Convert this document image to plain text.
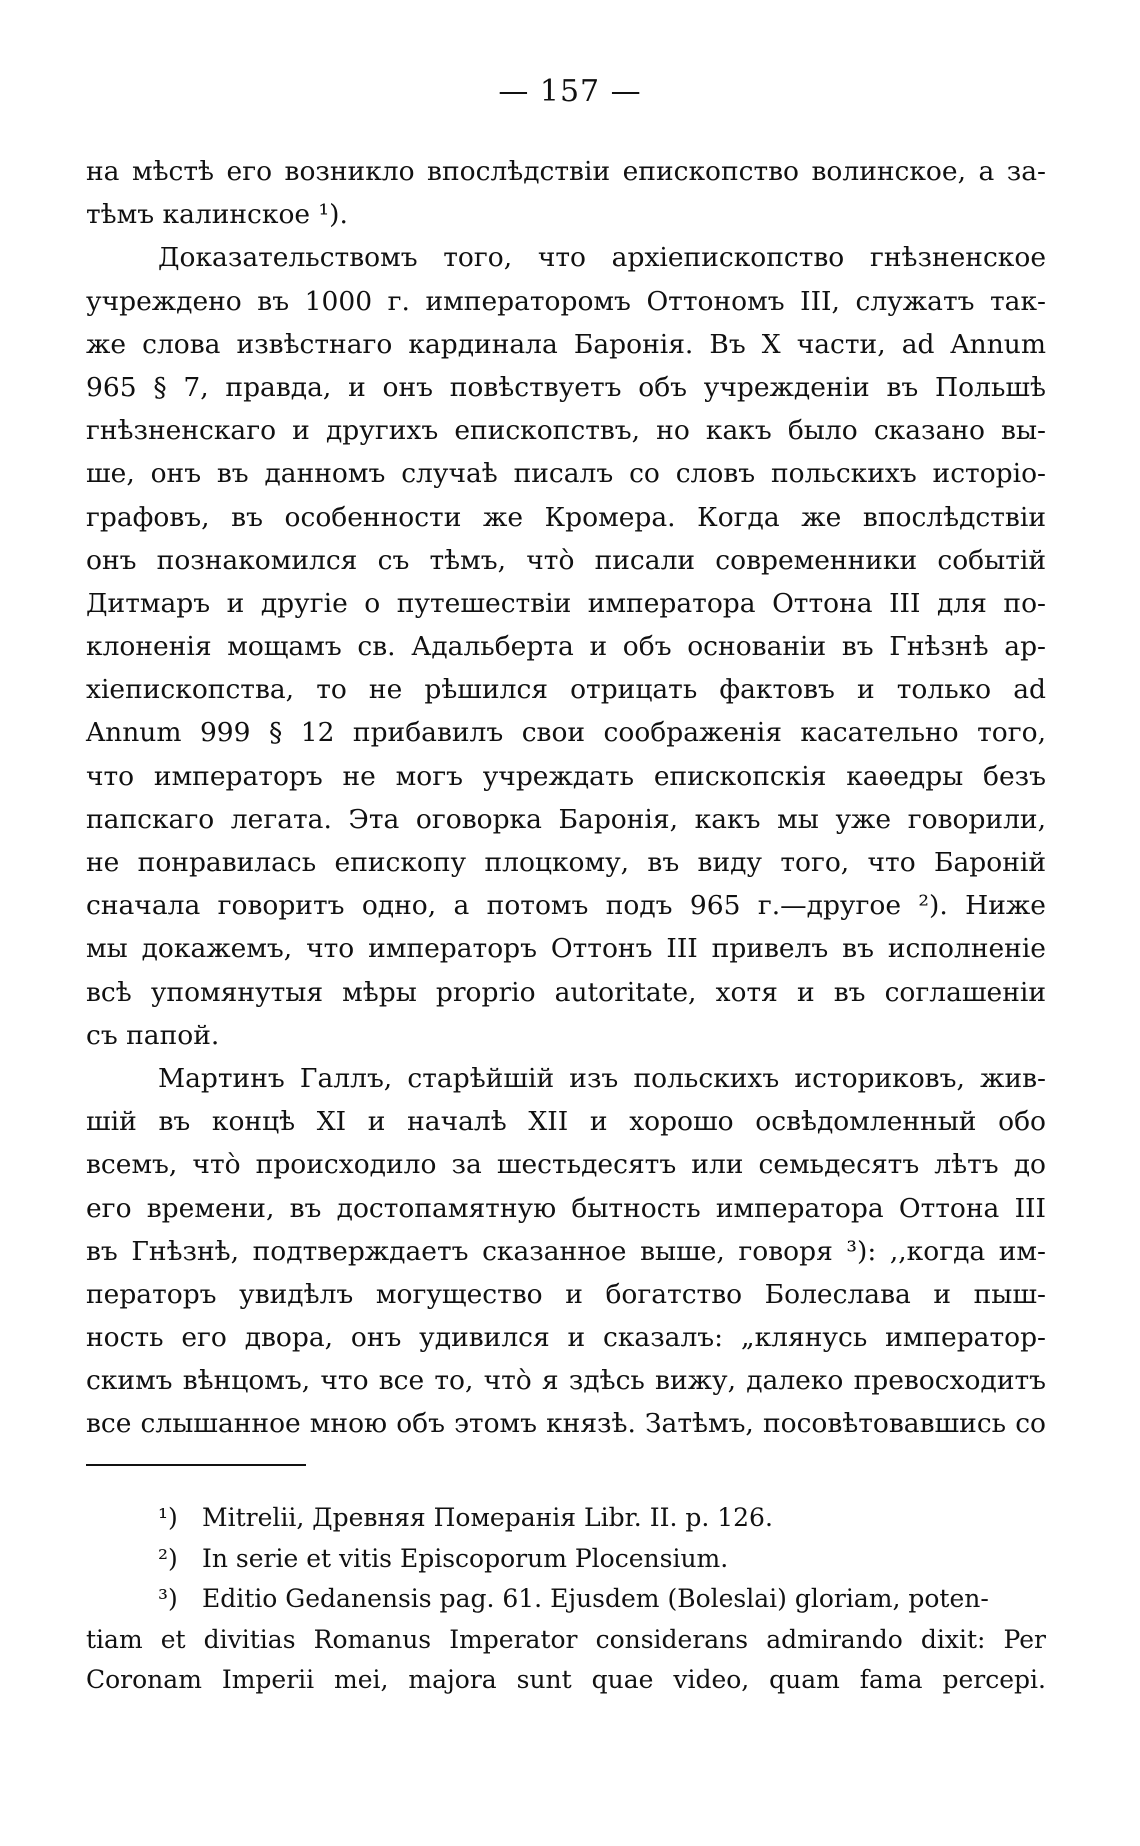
— 157 —

на мѣстѣ его возникло впослѣдствіи епископство волинское, а за-
тѣмъ калинское ¹).

Доказательствомъ того, что архіепископство гнѣзненское
учреждено въ 1000 г. императоромъ Оттономъ III, служатъ так-
же слова извѣстнаго кардинала Баронія. Въ X части, ad Annum
965 § 7, правда, и онъ повѣствуетъ объ учрежденіи въ Польшѣ
гнѣзненскаго и другихъ епископствъ, но какъ было сказано вы-
ше, онъ въ данномъ случаѣ писалъ со словъ польскихъ исторіо-
графовъ, въ особенности же Кромера. Когда же впослѣдствіи
онъ познакомился съ тѣмъ, что̀ писали современники событій
Дитмаръ и другіе о путешествіи императора Оттона III для по-
клоненія мощамъ св. Адальберта и объ основаніи въ Гнѣзнѣ ар-
хіепископства, то не рѣшился отрицать фактовъ и только ad
Annum 999 § 12 прибавилъ свои соображенія касательно того,
что императоръ не могъ учреждать епископскія каѳедры безъ
папскаго легата. Эта оговорка Баронія, какъ мы уже говорили,
не понравилась епископу плоцкому, въ виду того, что Бароній
сначала говоритъ одно, а потомъ подъ 965 г.—другое ²). Ниже
мы докажемъ, что императоръ Оттонъ III привелъ въ исполненіе
всѣ упомянутыя мѣры proprio autoritate, хотя и въ соглашеніи
съ папой.

Мартинъ Галлъ, старѣйшій изъ польскихъ историковъ, жив-
шій въ концѣ XI и началѣ XII и хорошо освѣдомленный обо
всемъ, что̀ происходило за шестьдесятъ или семьдесятъ лѣтъ до
его времени, въ достопамятную бытность императора Оттона III
въ Гнѣзнѣ, подтверждаетъ сказанное выше, говоря ³): ,,когда им-
ператоръ увидѣлъ могущество и богатство Болеслава и пыш-
ность его двора, онъ удивился и сказалъ: „клянусь император-
скимъ вѣнцомъ, что все то, что̀ я здѣсь вижу, далеко превосходитъ
все слышанное мною объ этомъ князѣ. Затѣмъ, посовѣтовавшись со

¹) Mitrelii, Древняя Померанія Libr. II. p. 126.
²) In serie et vitis Episcoporum Plocensium.
³) Editio Gedanensis pag. 61. Ejusdem (Boleslai) gloriam, poten-
tiam et divitias Romanus Imperator considerans admirando dixit: Per
Coronam Imperii mei, majora sunt quae video, quam fama percepi.
